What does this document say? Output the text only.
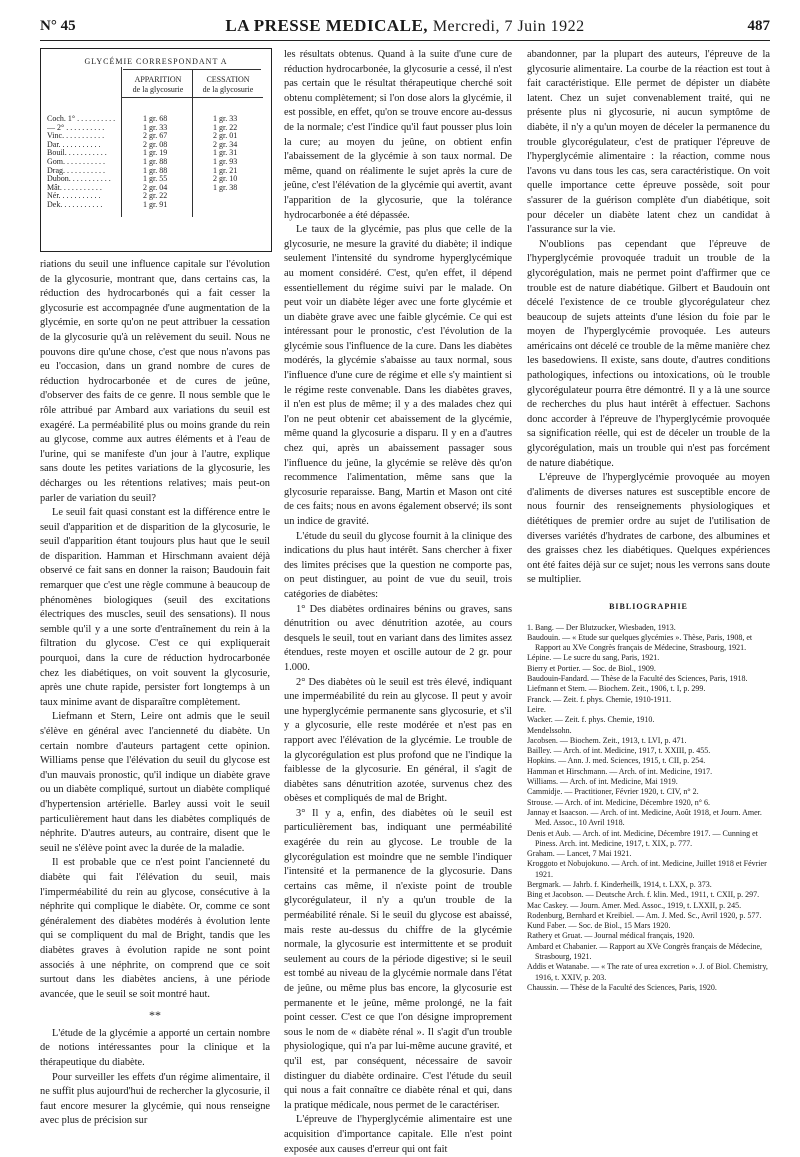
N° 45	LA PRESSE MEDICALE, Mercredi, 7 Juin 1922	487
GLYCÉMIE CORRESPONDANT A
APPARITION
de la glycosurie
CESSATION
de la glycosurie
Coch. 1° . . . . . . . . . .	1 gr. 68	1 gr. 33
— 2° . . . . . . . . . .	1 gr. 33	1 gr. 22
Vinc. . . . . . . . . . .	2 gr. 67	2 gr. 01
Dar. . . . . . . . . . .	2 gr. 08	2 gr. 34
Bouil. . . . . . . . . . .	1 gr. 19	1 gr. 31
Gom. . . . . . . . . . .	1 gr. 88	1 gr. 93
Drag. . . . . . . . . . .	1 gr. 88	1 gr. 21
Dubon. . . . . . . . . . .	1 gr. 55	2 gr. 10
Mât. . . . . . . . . . .	2 gr. 04	1 gr. 38
Nér. . . . . . . . . . .	2 gr. 22
Dek. . . . . . . . . . .	1 gr. 91

riations du seuil une influence capitale sur l'évolution de la glycosurie, montrant que, dans certains cas, la réduction des hydrocarbonés qui a fait cesser la glycosurie est accompagnée d'une augmentation de la glycémie, en sorte qu'on ne peut attribuer la cessation de la glycosurie qu'à un relèvement du seuil. Nous ne pouvons dire qu'une chose, c'est que nous n'avons pas eu l'occasion, dans un grand nombre de cures de réduction hydrocarbonée et de cures de jeûne, d'observer des faits de ce genre. Il nous semble que le rôle attribué par Ambard aux variations du seuil est exagéré. La perméabilité plus ou moins grande du rein au glycose, comme aux autres éléments et à l'eau de l'urine, qui se manifeste d'un jour à l'autre, explique sans doute les petites variations de la glycosurie, les décharges ou les rétentions relatives; mais peut-on parler de variation du seuil?

Le seuil fait quasi constant est la différence entre le seuil d'apparition et de disparition de la glycosurie, le seuil d'apparition étant toujours plus haut que le seuil de disparition. Hamman et Hirschmann avaient déjà observé ce fait sans en donner la raison; Baudouin fait remarquer que c'est une règle commune à beaucoup de phénomènes biologiques (seuil des excitations électriques des muscles, seuil des sensations). Il nous semble qu'il y a une sorte d'entraînement du rein à la filtration du glycose. C'est ce qui expliquerait pourquoi, dans la cure de réduction hydrocarbonée chez les diabétiques, on voit souvent la glycosurie, après une chute rapide, persister fort longtemps à un taux minime avant de disparaître complètement.

Liefmann et Stern, Leire ont admis que le seuil s'élève en général avec l'ancienneté du diabète. Un certain nombre d'auteurs partagent cette opinion. Williams pense que l'élévation du seuil du glycose est d'un mauvais pronostic, qu'il indique un diabète grave ou un diabète compliqué, surtout un diabète compliqué d'hypertension artérielle. Barley aussi voit le seuil particulièrement haut dans les diabètes compliqués de néphrite. D'autres auteurs, au contraire, disent que le seuil ne s'élève point avec la durée de la maladie.

Il est probable que ce n'est point l'ancienneté du diabète qui fait l'élévation du seuil, mais l'imperméabilité du rein au glycose, consécutive à la néphrite qui complique le diabète. Or, comme ce sont généralement des diabètes modérés à évolution lente qui se compliquent du mal de Bright, tandis que les diabètes graves à évolution rapide ne sont point associés à une néphrite, on comprend que ce soit surtout dans les diabètes anciens, à une période avancée, que le seuil se soit montré haut.

**

L'étude de la glycémie a apporté un certain nombre de notions intéressantes pour la clinique et la thérapeutique du diabète.

Pour surveiller les effets d'un régime alimentaire, il ne suffit plus aujourd'hui de rechercher la glycosurie, il faut encore mesurer la glycémie, qui nous renseigne avec plus de précision sur

les résultats obtenus. Quand à la suite d'une cure de réduction hydrocarbonée, la glycosurie a cessé, il n'est pas certain que le résultat thérapeutique cherché soit obtenu complètement; si l'on dose alors la glycémie, il est possible, en effet, qu'on se trouve encore au-dessus de la normale; c'est l'indice qu'il faut pousser plus loin la cure; au moyen du jeûne, on obtient enfin l'abaissement de la glycémie à son taux normal. De même, quand on réalimente le sujet après la cure de jeûne, c'est l'élévation de la glycémie qui avertit, avant l'apparition de la glycosurie, que la tolérance hydrocarbonée a été dépassée.

Le taux de la glycémie, pas plus que celle de la glycosurie, ne mesure la gravité du diabète; il indique seulement l'intensité du syndrome hyperglycémique au moment considéré. C'est, qu'en effet, il dépend essentiellement du régime suivi par le malade. On peut voir un diabète léger avec une forte glycémie et un diabète grave avec une faible glycémie. Ce qui est intéressant pour le pronostic, c'est l'évolution de la glycémie sous l'influence de la cure. Dans les diabètes modérés, la glycémie s'abaisse au taux normal, sous l'influence d'une cure de régime et elle s'y maintient si le régime reste convenable. Dans les diabètes graves, il n'en est plus de même; il y a des malades chez qui l'on ne peut obtenir cet abaissement de la glycémie, même quand la glycosurie a disparu. Il y en a d'autres chez qui, après un abaissement passager sous l'influence du jeûne, la glycémie se relève dès qu'on recommence l'alimentation, même sans que la glycosurie reparaisse. Bang, Martin et Mason ont cité de ces faits; nous en avons également observé; ils sont un indice de gravité.

L'étude du seuil du glycose fournit à la clinique des indications du plus haut intérêt. Sans chercher à fixer des limites précises que la question ne comporte pas, on peut distinguer, au point de vue du seuil, trois catégories de diabètes:

1° Des diabètes ordinaires bénins ou graves, sans dénutrition ou avec dénutrition azotée, au cours desquels le seuil, tout en variant dans des limites assez étendues, reste moyen et oscille autour de 2 gr. pour 1.000.

2° Des diabètes où le seuil est très élevé, indiquant une imperméabilité du rein au glycose. Il peut y avoir une hyperglycémie permanente sans glycosurie, et s'il y a glycosurie, elle reste modérée et n'est pas en rapport avec l'élévation de la glycémie. Le trouble de la glycorégulation est plus profond que ne l'indique la faiblesse de la glycosurie. En général, il s'agit de diabètes sans dénutrition azotée, survenus chez des obèses et compliqués de mal de Bright.

3° Il y a, enfin, des diabètes où le seuil est particulièrement bas, indiquant une perméabilité exagérée du rein au glycose. Le trouble de la glycorégulation est moindre que ne semble l'indiquer l'intensité et la permanence de la glycosurie. Dans certains cas même, il n'existe point de trouble glycorégulateur, il n'y a qu'un trouble de la perméabilité rénale. Si le seuil du glycose est abaissé, mais reste au-dessus du chiffre de la glycémie normale, la glycosurie est intermittente et se produit seulement au cours de la période digestive; si le seuil est tombé au niveau de la glycémie normale dans l'état de jeûne, ou même plus bas encore, la glycosurie est permanente et le jeûne, même prolongé, ne la fait point cesser. C'est ce que l'on désigne improprement sous le nom de « diabète rénal ». Il s'agit d'un trouble physiologique, qui n'a par lui-même aucune gravité, et qu'il est, par conséquent, nécessaire de savoir distinguer du diabète ordinaire. C'est l'étude du seuil qui nous a fait connaître ce diabète rénal et qui, dans la pratique médicale, nous permet de le caractériser.

L'épreuve de l'hyperglycémie alimentaire est une acquisition d'importance capitale. Elle n'est point exposée aux causes d'erreur qui ont fait

abandonner, par la plupart des auteurs, l'épreuve de la glycosurie alimentaire. La courbe de la réaction est tout à fait caractéristique. Elle permet de dépister un diabète latent. Chez un sujet convenablement traité, qui ne présente plus ni glycosurie, ni aucun symptôme de diabète, il n'y a qu'un moyen de déceler la permanence du trouble glycorégulateur, c'est de pratiquer l'épreuve de l'hyperglycémie alimentaire : la réaction, comme nous l'avons vu dans tous les cas, sera caractéristique. On voit quelle importance cette épreuve possède, soit pour s'assurer de la guérison complète d'un diabétique, soit pour déceler un diabète latent chez un candidat à l'assurance sur la vie.

N'oublions pas cependant que l'épreuve de l'hyperglycémie provoquée traduit un trouble de la glycorégulation, mais ne permet point d'affirmer que ce trouble est de nature diabétique. Gilbert et Baudouin ont décelé l'existence de ce trouble glycorégulateur chez beaucoup de sujets atteints d'une lésion du foie par le moyen de l'hyperglycémie provoquée. Les auteurs américains ont décelé ce trouble de la même manière chez les basedowiens. Il existe, sans doute, d'autres conditions pathologiques, infections ou intoxications, où le trouble glycorégulateur pourra être démontré. Il y a là une source de recherches du plus haut intérêt à effectuer. Sachons donc accorder à l'épreuve de l'hyperglycémie provoquée sa signification réelle, qui est de déceler un trouble de la glycorégulation, mais un trouble qui n'est pas forcément de nature diabétique.

L'épreuve de l'hyperglycémie provoquée au moyen d'aliments de diverses natures est susceptible encore de nous fournir des renseignements physiologiques et diététiques de premier ordre au sujet de l'utilisation de diverses variétés d'hydrates de carbone, des albumines et des graisses chez les diabétiques. Quelques expériences ont été faites déjà sur ce sujet; nous les verrons sans doute se multiplier.

BIBLIOGRAPHIE
1. Bang. — Der Blutzucker, Wiesbaden, 1913.
Baudouin. — « Etude sur quelques glycémies ». Thèse, Paris, 1908, et Rapport au XVe Congrès français de Médecine, Strasbourg, 1921.
Lépine. — Le sucre du sang, Paris, 1921.
Bierry et Portier. — Soc. de Biol., 1909.
Baudouin-Fandard. — Thèse de la Faculté des Sciences, Paris, 1918.
Liefmann et Stern. — Biochem. Zeit., 1906, t. I, p. 299.
Franck. — Zeit. f. phys. Chemie, 1910-1911.
Leire.
Wacker. — Zeit. f. phys. Chemie, 1910.
Mendelssohn.
Jacobsen. — Biochem. Zeit., 1913, t. LVI, p. 471.
Bailley. — Arch. of int. Medicine, 1917, t. XXIII, p. 455.
Hopkins. — Ann. J. med. Sciences, 1915, t. CII, p. 254.
Hamman et Hirschmann. — Arch. of int. Medicine, 1917.
Williams. — Arch. of int. Medicine, Mai 1919.
Cammidje. — Practitioner, Février 1920, t. CIV, n° 2.
Strouse. — Arch. of int. Medicine, Décembre 1920, n° 6.
Jannay et Isaacson. — Arch. of int. Medicine, Août 1918, et Journ. Amer. Med. Assoc., 10 Avril 1918.
Denis et Aub. — Arch. of int. Medicine, Décembre 1917. — Cunning et Piness. Arch. int. Medicine, 1917, t. XIX, p. 777.
Graham. — Lancet, 7 Mai 1921.
Kroggoto et Nobujokuno. — Arch. of int. Medicine, Juillet 1918 et Février 1921.
Bergmark. — Jahrb. f. Kinderheilk, 1914, t. LXX, p. 373.
Bing et Jacobson. — Deutsche Arch. f. klin. Med., 1911, t. CXII, p. 297.
Mac Caskey. — Journ. Amer. Med. Assoc., 1919, t. LXXII, p. 245.
Rodenburg, Bernhard et Kreibiel. — Am. J. Med. Sc., Avril 1920, p. 577.
Kund Faber. — Soc. de Biol., 15 Mars 1920.
Rathery et Gruat. — Journal médical français, 1920.
Ambard et Chabanier. — Rapport au XVe Congrès français de Médecine, Strasbourg, 1921.
Addis et Watanabe. — « The rate of urea excretion ». J. of Biol. Chemistry, 1916, t. XXIV, p. 203.
Chaussin. — Thèse de la Faculté des Sciences, Paris, 1920.
